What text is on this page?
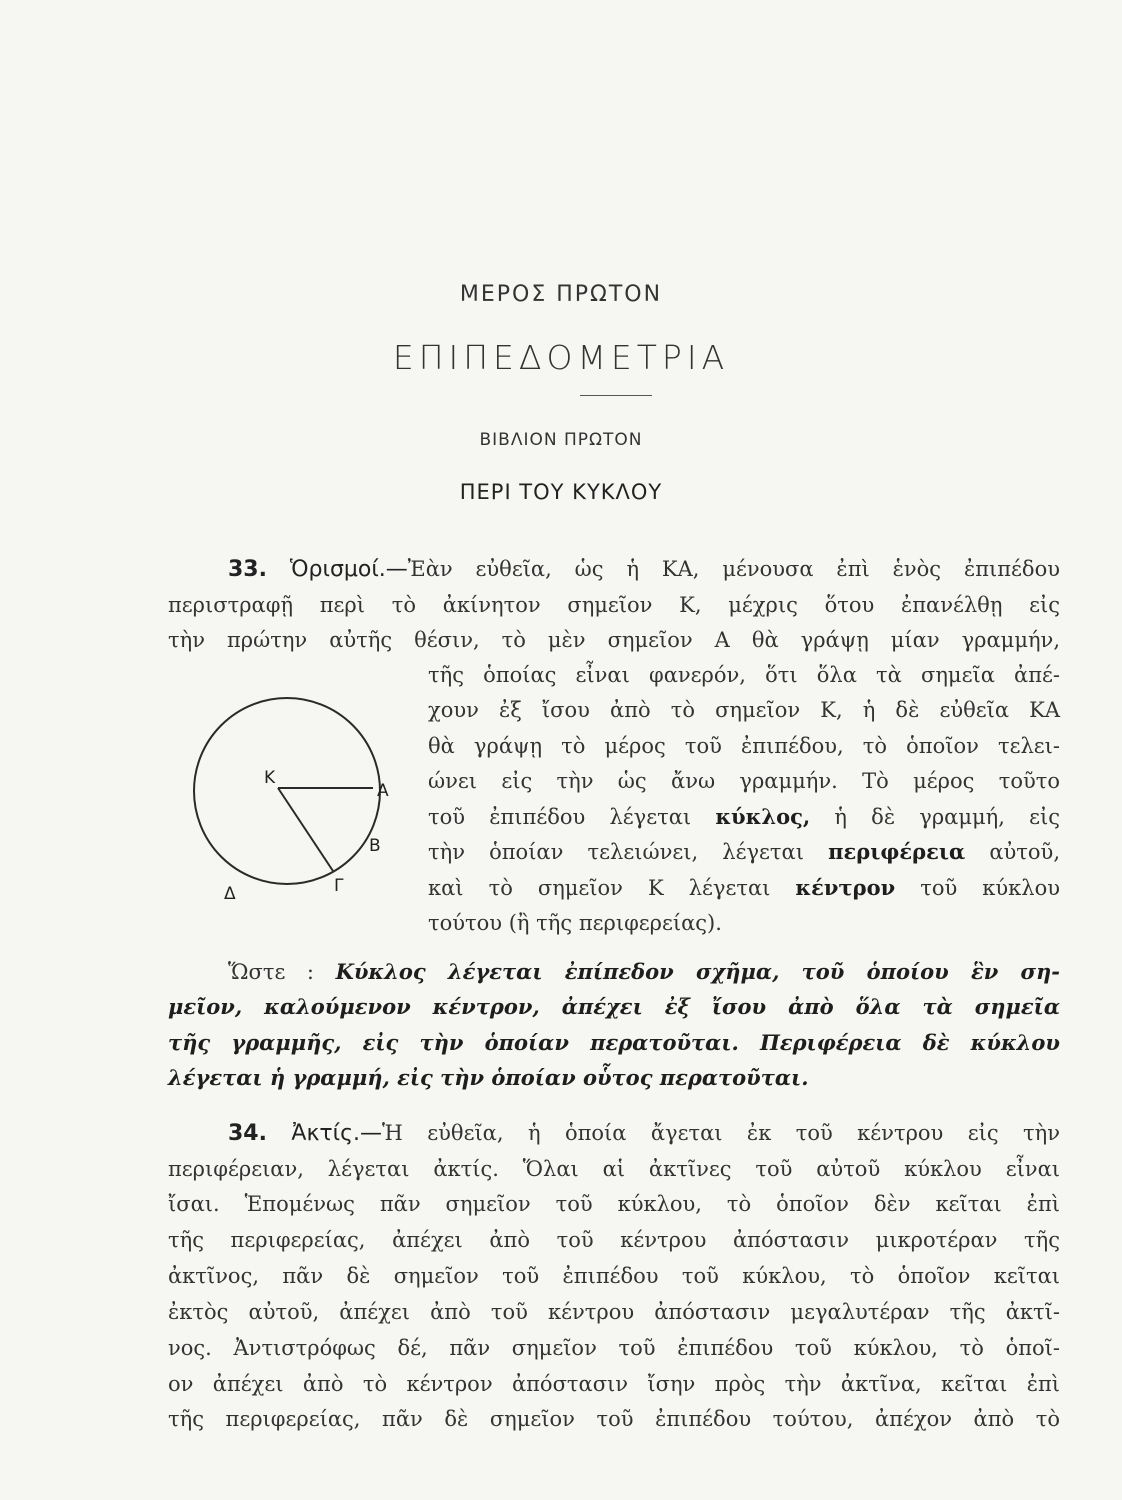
ΜΕΡΟΣ ΠΡΩΤΟΝ
ΕΠΙΠΕΔΟΜΕΤΡΙΑ
ΒΙΒΛΙΟΝ ΠΡΩΤΟΝ
ΠΕΡΙ ΤΟΥ ΚΥΚΛΟΥ
33. Ὁρισμοί.—Ἐὰν εὐθεῖα, ὡς ἡ ΚΑ, μένουσα ἐπὶ ἑνὸς ἐπιπέδου
περιστραφῇ περὶ τὸ ἀκίνητον σημεῖον Κ, μέχρις ὅτου ἐπανέλθῃ εἰς
τὴν πρώτην αὐτῆς θέσιν, τὸ μὲν σημεῖον Α θὰ γράψῃ μίαν γραμμήν,
τῆς ὁποίας εἶναι φανερόν, ὅτι ὅλα τὰ σημεῖα ἀπέ-
χουν ἐξ ἴσου ἀπὸ τὸ σημεῖον Κ, ἡ δὲ εὐθεῖα ΚΑ
θὰ γράψῃ τὸ μέρος τοῦ ἐπιπέδου, τὸ ὁποῖον τελει-
ώνει εἰς τὴν ὡς ἄνω γραμμήν. Τὸ μέρος τοῦτο
τοῦ ἐπιπέδου λέγεται κύκλος, ἡ δὲ γραμμή, εἰς
τὴν ὁποίαν τελειώνει, λέγεται περιφέρεια αὐτοῦ,
καὶ τὸ σημεῖον Κ λέγεται κέντρον τοῦ κύκλου
τούτου (ἢ τῆς περιφερείας).
Ὥστε : Κύκλος λέγεται ἐπίπεδον σχῆμα, τοῦ ὁποίου ἓν ση-
μεῖον, καλούμενον κέντρον, ἀπέχει ἐξ ἴσου ἀπὸ ὅλα τὰ σημεῖα
τῆς γραμμῆς, εἰς τὴν ὁποίαν περατοῦται. Περιφέρεια δὲ κύκλου
λέγεται ἡ γραμμή, εἰς τὴν ὁποίαν οὗτος περατοῦται.
Κ
Α
Β
Γ
Δ
34. Ἀκτίς.—Ἡ εὐθεῖα, ἡ ὁποία ἄγεται ἐκ τοῦ κέντρου εἰς τὴν
περιφέρειαν, λέγεται ἀκτίς. Ὅλαι αἱ ἀκτῖνες τοῦ αὐτοῦ κύκλου εἶναι
ἴσαι. Ἑπομένως πᾶν σημεῖον τοῦ κύκλου, τὸ ὁποῖον δὲν κεῖται ἐπὶ
τῆς περιφερείας, ἀπέχει ἀπὸ τοῦ κέντρου ἀπόστασιν μικροτέραν τῆς
ἀκτῖνος, πᾶν δὲ σημεῖον τοῦ ἐπιπέδου τοῦ κύκλου, τὸ ὁποῖον κεῖται
ἐκτὸς αὐτοῦ, ἀπέχει ἀπὸ τοῦ κέντρου ἀπόστασιν μεγαλυτέραν τῆς ἀκτῖ-
νος. Ἀντιστρόφως δέ, πᾶν σημεῖον τοῦ ἐπιπέδου τοῦ κύκλου, τὸ ὁποῖ-
ον ἀπέχει ἀπὸ τὸ κέντρον ἀπόστασιν ἴσην πρὸς τὴν ἀκτῖνα, κεῖται ἐπὶ
τῆς περιφερείας, πᾶν δὲ σημεῖον τοῦ ἐπιπέδου τούτου, ἀπέχον ἀπὸ τὸ
